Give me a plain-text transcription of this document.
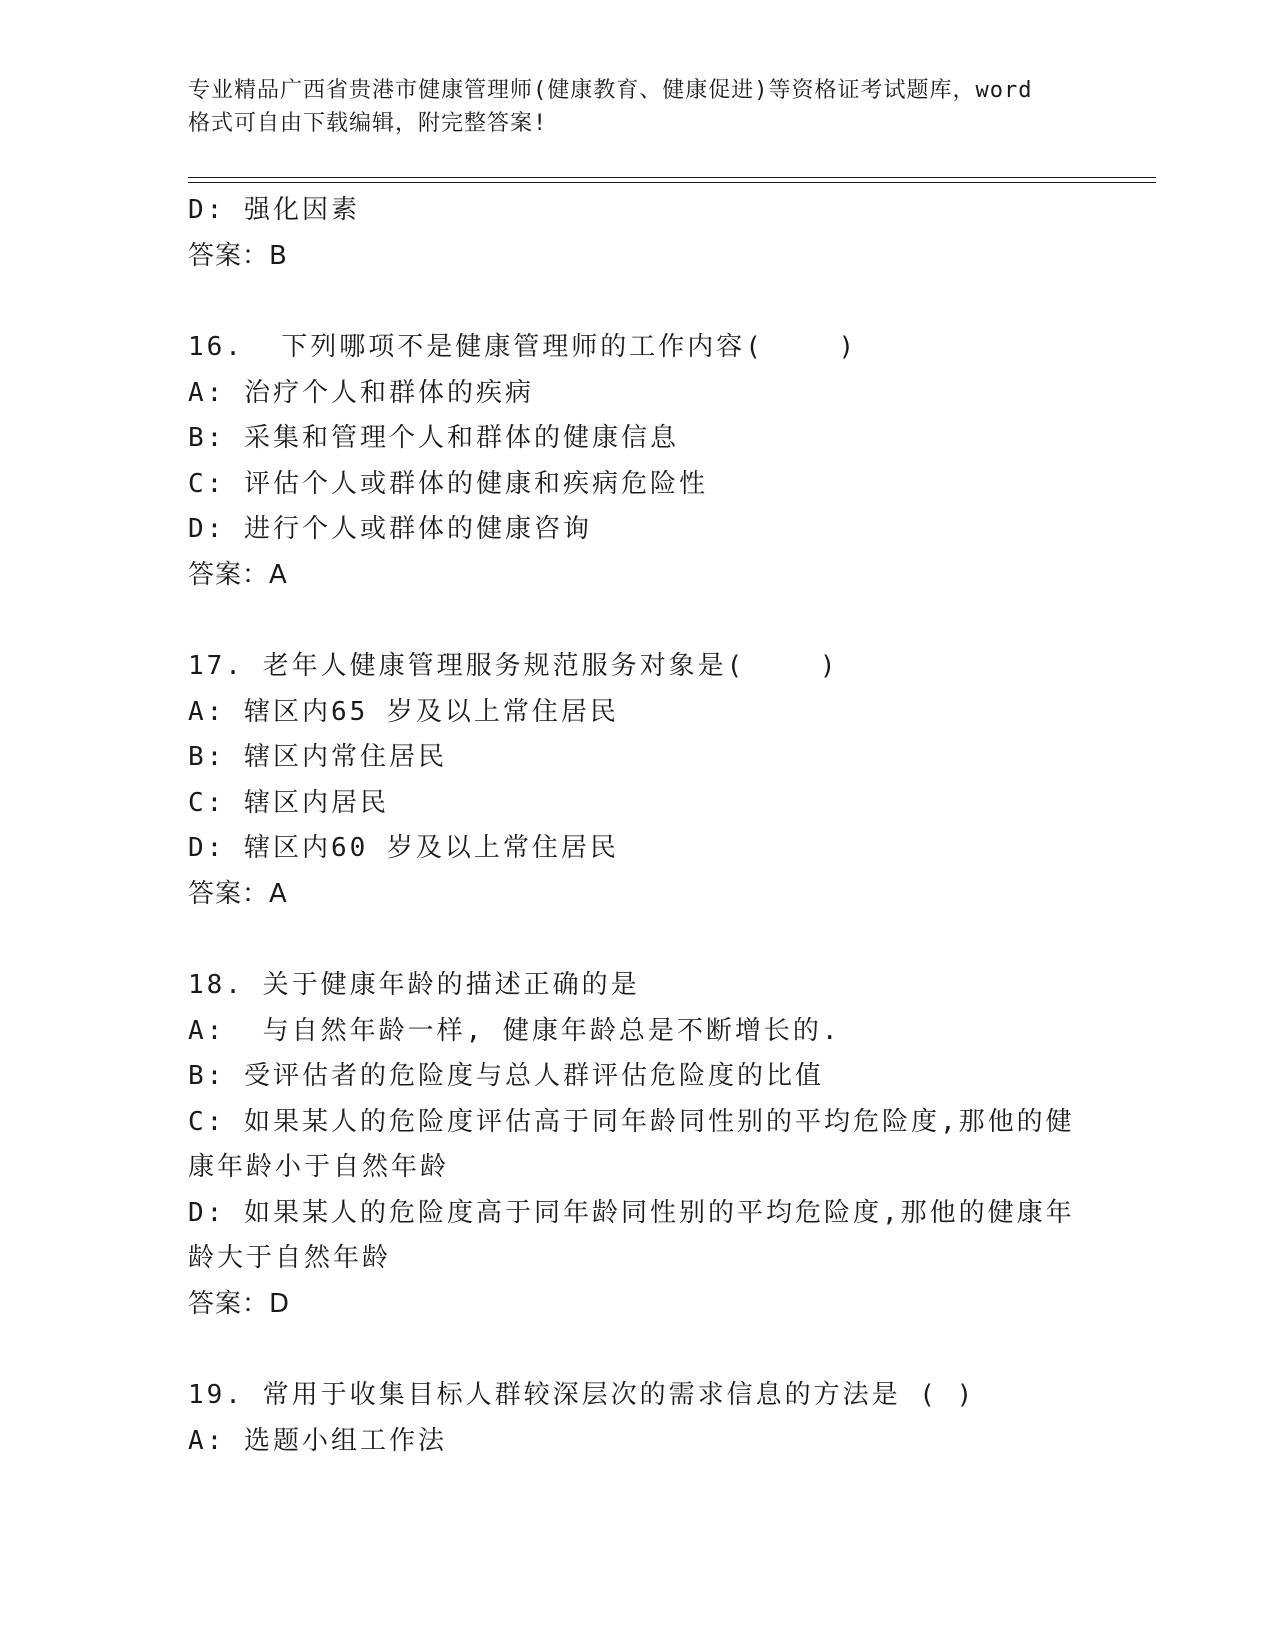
专业精品广西省贵港市健康管理师(健康教育、健康促进)等资格证考试题库，word
格式可自由下载编辑，附完整答案!
D: 强化因素
答案：B
16.  下列哪项不是健康管理师的工作内容(    )
A: 治疗个人和群体的疾病
B: 采集和管理个人和群体的健康信息
C: 评估个人或群体的健康和疾病危险性
D: 进行个人或群体的健康咨询
答案：A
17. 老年人健康管理服务规范服务对象是(    )
A: 辖区内65 岁及以上常住居民
B: 辖区内常住居民
C: 辖区内居民
D: 辖区内60 岁及以上常住居民
答案：A
18. 关于健康年龄的描述正确的是
A:  与自然年龄一样, 健康年龄总是不断增长的.
B: 受评估者的危险度与总人群评估危险度的比值
C: 如果某人的危险度评估高于同年龄同性别的平均危险度,那他的健康年龄小于自然年龄
D: 如果某人的危险度高于同年龄同性别的平均危险度,那他的健康年龄大于自然年龄
答案：D
19. 常用于收集目标人群较深层次的需求信息的方法是 ( )
A: 选题小组工作法
